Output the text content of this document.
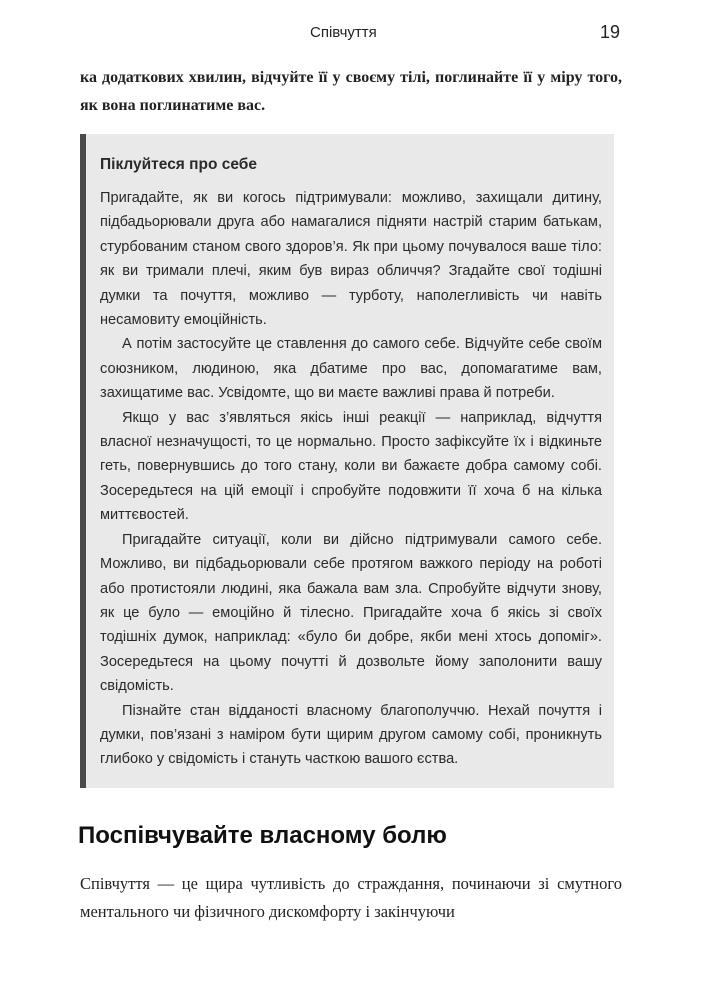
Співчуття	19

ка додаткових хвилин, відчуйте її у своєму тілі, поглинайте її у міру того, як вона поглинатиме вас.

Піклуйтеся про себе

Пригадайте, як ви когось підтримували: можливо, захищали дитину, підбадьорювали друга або намагалися підняти настрій старим батькам, стурбованим станом свого здоров’я. Як при цьому почувалося ваше тіло: як ви тримали плечі, яким був вираз обличчя? Згадайте свої тодішні думки та почуття, можливо — турботу, наполегливість чи навіть несамовиту емоційність.

А потім застосуйте це ставлення до самого себе. Відчуйте себе своїм союзником, людиною, яка дбатиме про вас, допомагатиме вам, захищатиме вас. Усвідомте, що ви маєте важливі права й потреби.

Якщо у вас з’являться якісь інші реакції — наприклад, відчуття власної незначущості, то це нормально. Просто зафіксуйте їх і відкиньте геть, повернувшись до того стану, коли ви бажаєте добра самому собі. Зосередьтеся на цій емоції і спробуйте подовжити її хоча б на кілька миттєвостей.

Пригадайте ситуації, коли ви дійсно підтримували самого себе. Можливо, ви підбадьорювали себе протягом важкого періоду на роботі або протистояли людині, яка бажала вам зла. Спробуйте відчути знову, як це було — емоційно й тілесно. Пригадайте хоча б якісь зі своїх тодішніх думок, наприклад: «було би добре, якби мені хтось допоміг». Зосередьтеся на цьому почутті й дозвольте йому заполонити вашу свідомість.

Пізнайте стан відданості власному благополуччю. Нехай почуття і думки, пов’язані з наміром бути щирим другом самому собі, проникнуть глибоко у свідомість і стануть часткою вашого єства.

Поспівчувайте власному болю

Співчуття — це щира чутливість до страждання, починаючи зі смутного ментального чи фізичного дискомфорту і закінчуючи
